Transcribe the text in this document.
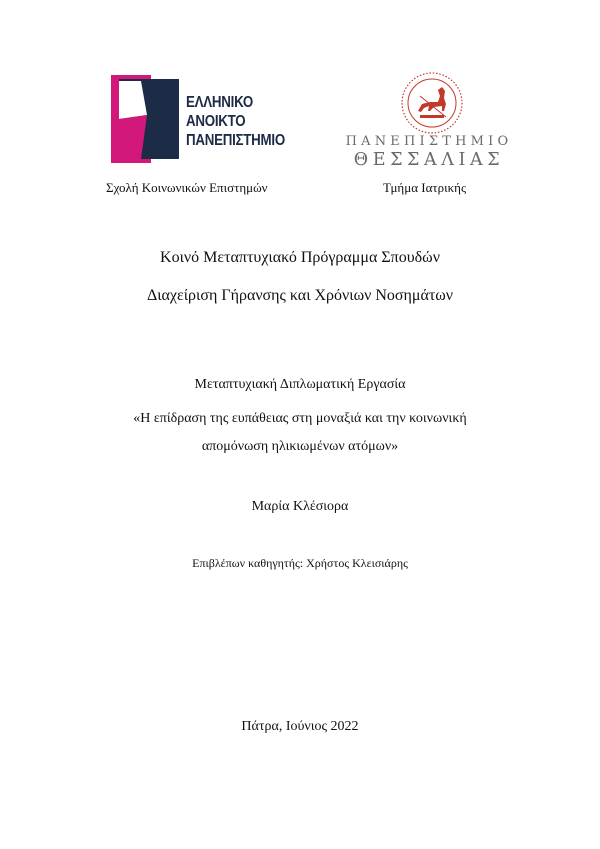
ΕΛΛΗΝΙΚΟ
ΑΝΟΙΚΤΟ
ΠΑΝΕΠΙΣΤΗΜΙΟ	ΠΑΝΕΠΙΣΤΗΜΙΟ
ΘΕΣΣΑΛΙΑΣ
Σχολή Κοινωνικών Επιστημών	Τμήμα Ιατρικής
Κοινό Μεταπτυχιακό Πρόγραμμα Σπουδών
Διαχείριση Γήρανσης και Χρόνιων Νοσημάτων
Μεταπτυχιακή Διπλωματική Εργασία
«Η επίδραση της ευπάθειας στη μοναξιά και την κοινωνική
απομόνωση ηλικιωμένων ατόμων»
Μαρία Κλέσιορα
Επιβλέπων καθηγητής: Χρήστος Κλεισιάρης
Πάτρα, Ιούνιος 2022
